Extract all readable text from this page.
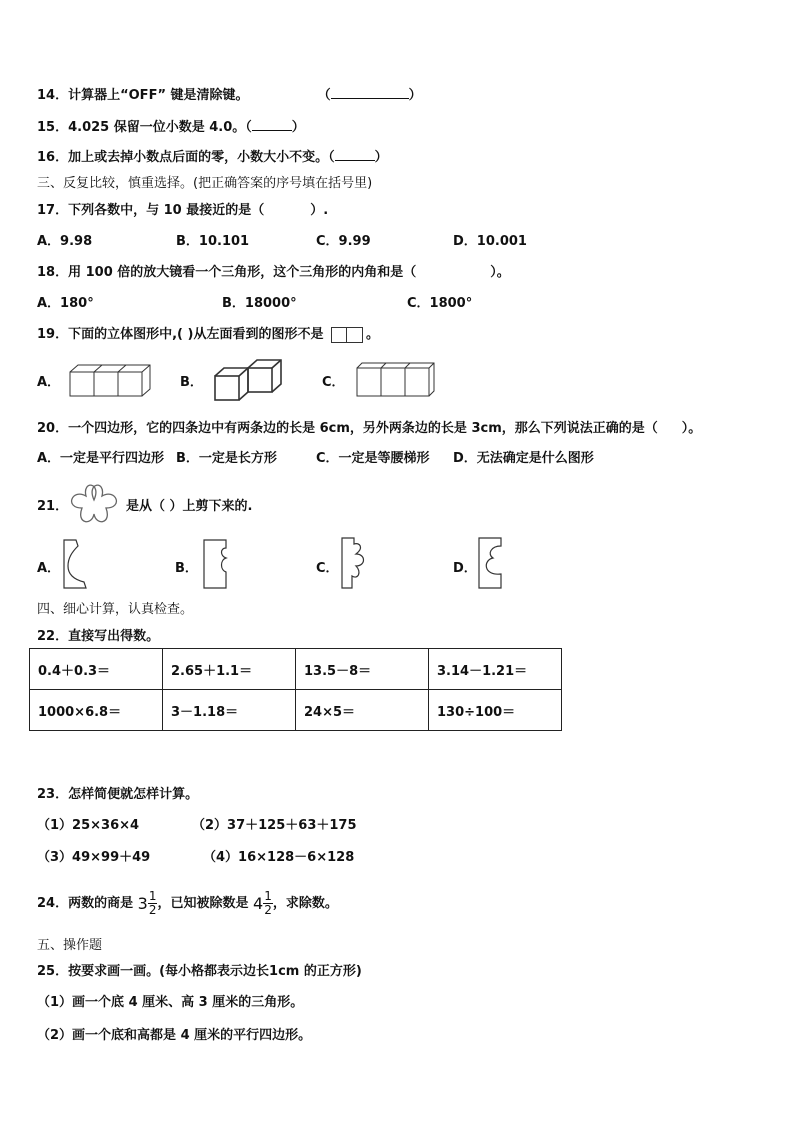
14．计算器上“OFF” 键是清除键。	（	）
15．4.025 保留一位小数是 4.0。（	）
16．加上或去掉小数点后面的零，小数大小不变。（	）
三、反复比较，慎重选择。(把正确答案的序号填在括号里)
17．下列各数中，与 10 最接近的是（	）.
A．9.98	B．10.101	C．9.99	D．10.001
18．用 100 倍的放大镜看一个三角形，这个三角形的内角和是（	）。
A．180°	B．18000°	C．1800°
19．下面的立体图形中,( )从左面看到的图形不是	。
A．	B．	C．
20．一个四边形，它的四条边中有两条边的长是 6cm，另外两条边的长是 3cm，那么下列说法正确的是（ ）。
A．一定是平行四边形 B．一定是长方形	C．一定是等腰梯形 D．无法确定是什么图形
21．	是从（ ）上剪下来的.
A．	B．	C．	D．
四、细心计算，认真检查。
22．直接写出得数。
0.4＋0.3＝	2.65＋1.1＝	13.5－8＝	3.14－1.21＝
1000×6.8＝	3－1.18＝	24×5＝	130÷100＝
23．怎样简便就怎样计算。
（1）25×36×4	（2）37＋125＋63＋175
（3）49×99＋49	（4）16×128－6×128
24．两数的商是 $3 \frac{1}{2}$ ，已知被除数是 $4 \frac{1}{2}$ ，求除数。
五、操作题
25．按要求画一画。(每小格都表示边长1cm 的正方形)
（1）画一个底 4 厘米、高 3 厘米的三角形。
（2）画一个底和高都是 4 厘米的平行四边形。
